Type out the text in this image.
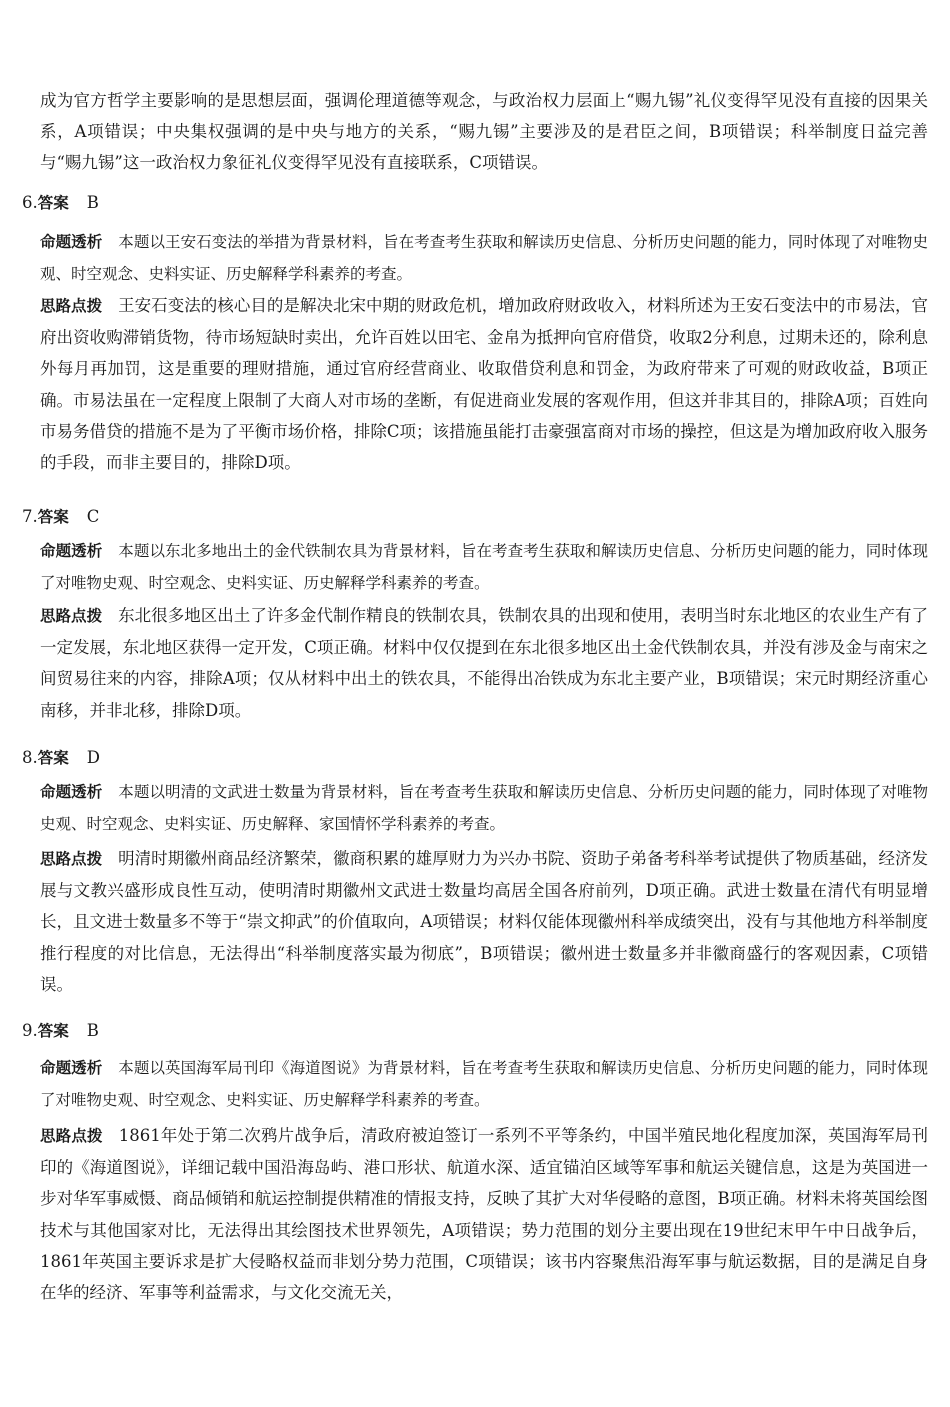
成为官方哲学主要影响的是思想层面，强调伦理道德等观念，与政治权力层面上“赐九锡”礼仪变得罕见没有直接的因果关系，A项错误；中央集权强调的是中央与地方的关系，“赐九锡”主要涉及的是君臣之间，B项错误；科举制度日益完善与“赐九锡”这一政治权力象征礼仪变得罕见没有直接联系，C项错误。

6.答案 B

命题透析 本题以王安石变法的举措为背景材料，旨在考查考生获取和解读历史信息、分析历史问题的能力，同时体现了对唯物史观、时空观念、史料实证、历史解释学科素养的考查。

思路点拨 王安石变法的核心目的是解决北宋中期的财政危机，增加政府财政收入，材料所述为王安石变法中的市易法，官府出资收购滞销货物，待市场短缺时卖出，允许百姓以田宅、金帛为抵押向官府借贷，收取2分利息，过期未还的，除利息外每月再加罚，这是重要的理财措施，通过官府经营商业、收取借贷利息和罚金，为政府带来了可观的财政收益，B项正确。市易法虽在一定程度上限制了大商人对市场的垄断，有促进商业发展的客观作用，但这并非其目的，排除A项；百姓向市易务借贷的措施不是为了平衡市场价格，排除C项；该措施虽能打击豪强富商对市场的操控，但这是为增加政府收入服务的手段，而非主要目的，排除D项。

7.答案 C

命题透析 本题以东北多地出土的金代铁制农具为背景材料，旨在考查考生获取和解读历史信息、分析历史问题的能力，同时体现了对唯物史观、时空观念、史料实证、历史解释学科素养的考查。

思路点拨 东北很多地区出土了许多金代制作精良的铁制农具，铁制农具的出现和使用，表明当时东北地区的农业生产有了一定发展，东北地区获得一定开发，C项正确。材料中仅仅提到在东北很多地区出土金代铁制农具，并没有涉及金与南宋之间贸易往来的内容，排除A项；仅从材料中出土的铁农具，不能得出冶铁成为东北主要产业，B项错误；宋元时期经济重心南移，并非北移，排除D项。

8.答案 D

命题透析 本题以明清的文武进士数量为背景材料，旨在考查考生获取和解读历史信息、分析历史问题的能力，同时体现了对唯物史观、时空观念、史料实证、历史解释、家国情怀学科素养的考查。

思路点拨 明清时期徽州商品经济繁荣，徽商积累的雄厚财力为兴办书院、资助子弟备考科举考试提供了物质基础，经济发展与文教兴盛形成良性互动，使明清时期徽州文武进士数量均高居全国各府前列，D项正确。武进士数量在清代有明显增长，且文进士数量多不等于“崇文抑武”的价值取向，A项错误；材料仅能体现徽州科举成绩突出，没有与其他地方科举制度推行程度的对比信息，无法得出“科举制度落实最为彻底”，B项错误；徽州进士数量多并非徽商盛行的客观因素，C项错误。

9.答案 B

命题透析 本题以英国海军局刊印《海道图说》为背景材料，旨在考查考生获取和解读历史信息、分析历史问题的能力，同时体现了对唯物史观、时空观念、史料实证、历史解释学科素养的考查。

思路点拨 1861年处于第二次鸦片战争后，清政府被迫签订一系列不平等条约，中国半殖民地化程度加深，英国海军局刊印的《海道图说》，详细记载中国沿海岛屿、港口形状、航道水深、适宜锚泊区域等军事和航运关键信息，这是为英国进一步对华军事威慑、商品倾销和航运控制提供精准的情报支持，反映了其扩大对华侵略的意图，B项正确。材料未将英国绘图技术与其他国家对比，无法得出其绘图技术世界领先，A项错误；势力范围的划分主要出现在19世纪末甲午中日战争后，1861年英国主要诉求是扩大侵略权益而非划分势力范围，C项错误；该书内容聚焦沿海军事与航运数据，目的是满足自身在华的经济、军事等利益需求，与文化交流无关，
